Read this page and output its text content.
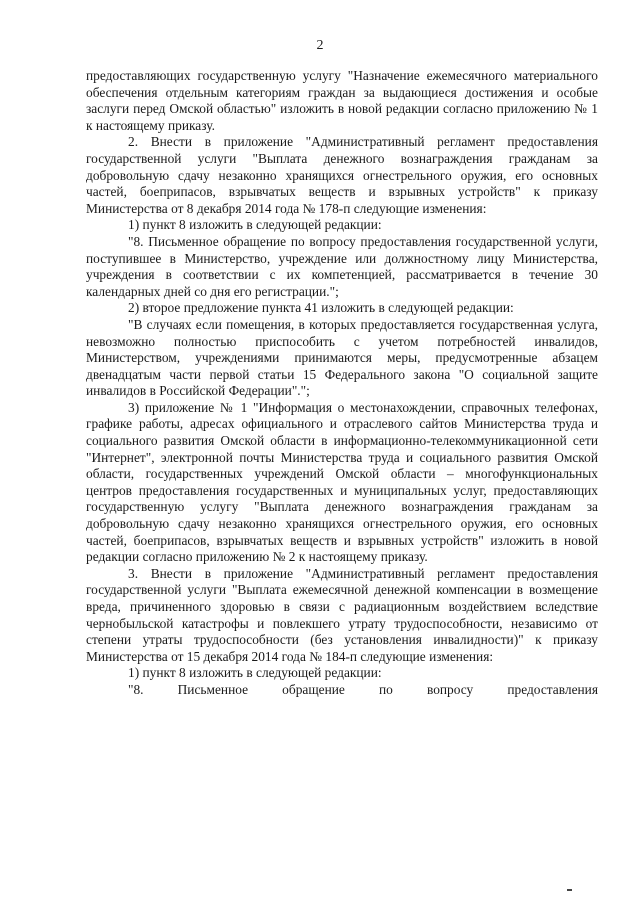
2

предоставляющих государственную услугу "Назначение ежемесячного материального обеспечения отдельным категориям граждан за выдающиеся достижения и особые заслуги перед Омской областью" изложить в новой редакции согласно приложению № 1 к настоящему приказу.

2. Внести в приложение "Административный регламент предоставления государственной услуги "Выплата денежного вознаграждения гражданам за добровольную сдачу незаконно хранящихся огнестрельного оружия, его основных частей, боеприпасов, взрывчатых веществ и взрывных устройств" к приказу Министерства от 8 декабря 2014 года № 178-п следующие изменения:

1) пункт 8 изложить в следующей редакции:

"8. Письменное обращение по вопросу предоставления государственной услуги, поступившее в Министерство, учреждение или должностному лицу Министерства, учреждения в соответствии с их компетенцией, рассматривается в течение 30 календарных дней со дня его регистрации.";

2) второе предложение пункта 41 изложить в следующей редакции:

"В случаях если помещения, в которых предоставляется государственная услуга, невозможно полностью приспособить с учетом потребностей инвалидов, Министерством, учреждениями принимаются меры, предусмотренные абзацем двенадцатым части первой статьи 15 Федерального закона "О социальной защите инвалидов в Российской Федерации".";

3) приложение № 1 "Информация о местонахождении, справочных телефонах, графике работы, адресах официального и отраслевого сайтов Министерства труда и социального развития Омской области в информационно-телекоммуникационной сети "Интернет", электронной почты Министерства труда и социального развития Омской области, государственных учреждений Омской области – многофункциональных центров предоставления государственных и муниципальных услуг, предоставляющих государственную услугу "Выплата денежного вознаграждения гражданам за добровольную сдачу незаконно хранящихся огнестрельного оружия, его основных частей, боеприпасов, взрывчатых веществ и взрывных устройств" изложить в новой редакции согласно приложению № 2 к настоящему приказу.

3. Внести в приложение "Административный регламент предоставления государственной услуги "Выплата ежемесячной денежной компенсации в возмещение вреда, причиненного здоровью в связи с радиационным воздействием вследствие чернобыльской катастрофы и повлекшего утрату трудоспособности, независимо от степени утраты трудоспособности (без установления инвалидности)" к приказу Министерства от 15 декабря 2014 года № 184-п следующие изменения:

1) пункт 8 изложить в следующей редакции:

"8. Письменное обращение по вопросу предоставления
